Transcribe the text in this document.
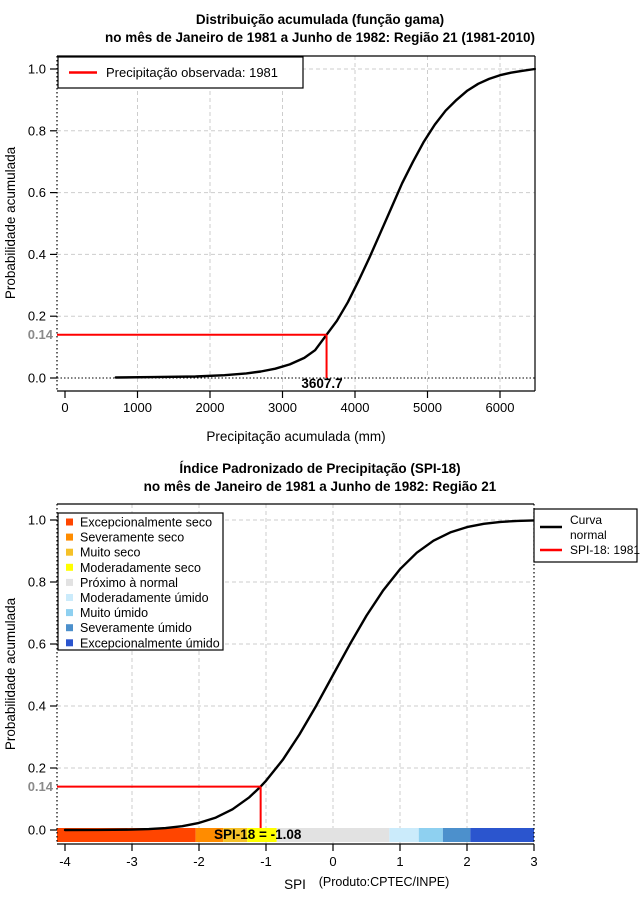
Distribuição acumulada (função gama)
no mês de Janeiro de 1981 a Junho de 1982: Região 21 (1981-2010)
0	1000	2000	3000	4000	5000	6000
0.0
0.2
0.4
0.6
0.8
1.0	Precipitação observada: 1981
0.14
3607.7
Precipitação acumulada (mm)
Probabilidade acumulada
Índice Padronizado de Precipitação (SPI-18)
no mês de Janeiro de 1981 a Junho de 1982: Região 21
-4	-3	-2	-1	0	1	2	3
0.0
0.2
0.4
0.6
0.8
1.0	Excepcionalmente seco
Severamente seco
Muito seco
Moderadamente seco
Próximo à normal
Moderadamente úmido
Muito úmido
Severamente úmido
Excepcionalmente úmido
Curva
normal
SPI-18: 1981
0.14
SPI-18 = -1.08
SPI
Probabilidade acumulada
(Produto:CPTEC/INPE)
